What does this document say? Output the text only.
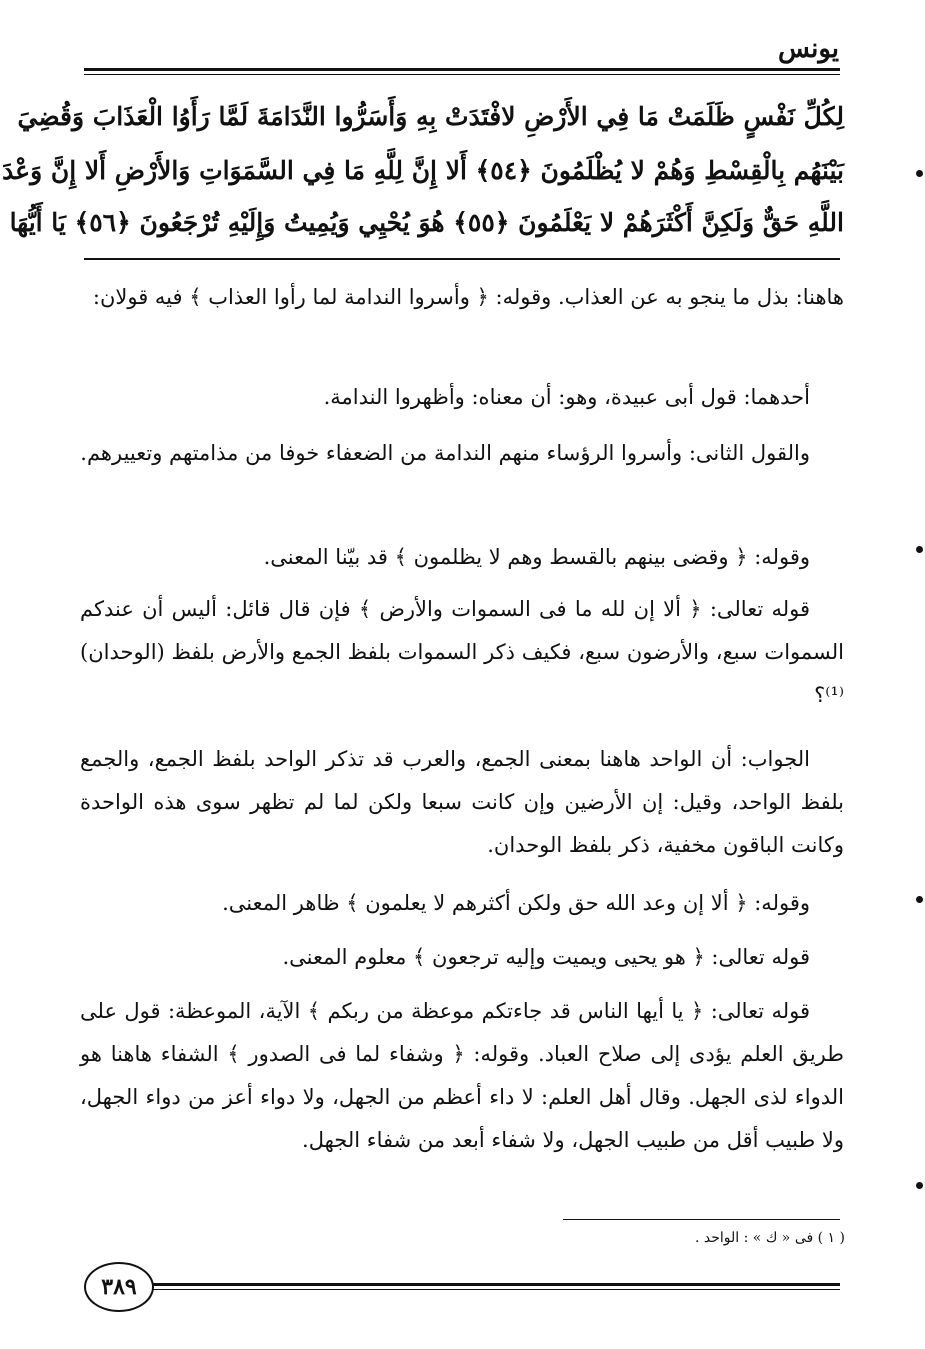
يونس
لِكُلِّ نَفْسٍ ظَلَمَتْ مَا فِي الأَرْضِ لافْتَدَتْ بِهِ وَأَسَرُّوا النَّدَامَةَ لَمَّا رَأَوُا الْعَذَابَ وَقُضِيَ
بَيْنَهُم بِالْقِسْطِ وَهُمْ لا يُظْلَمُونَ ﴿٥٤﴾ أَلا إِنَّ لِلَّهِ مَا فِي السَّمَوَاتِ وَالأَرْضِ أَلا إِنَّ وَعْدَ
اللَّهِ حَقٌّ وَلَكِنَّ أَكْثَرَهُمْ لا يَعْلَمُونَ ﴿٥٥﴾ هُوَ يُحْيِي وَيُمِيتُ وَإِلَيْهِ تُرْجَعُونَ ﴿٥٦﴾ يَا أَيُّهَا

هاهنا: بذل ما ينجو به عن العذاب. وقوله: ﴿ وأسروا الندامة لما رأوا العذاب ﴾ فيه قولان:

أحدهما: قول أبى عبيدة، وهو: أن معناه: وأظهروا الندامة.

والقول الثانى: وأسروا الرؤساء منهم الندامة من الضعفاء خوفا من مذامتهم وتعييرهم.

وقوله: ﴿ وقضى بينهم بالقسط وهم لا يظلمون ﴾ قد بيّنا المعنى.

قوله تعالى: ﴿ ألا إن لله ما فى السموات والأرض ﴾ فإن قال قائل: أليس أن عندكم السموات سبع، والأرضون سبع، فكيف ذكر السموات بلفظ الجمع والأرض بلفظ (الوحدان)⁽¹⁾؟

الجواب: أن الواحد هاهنا بمعنى الجمع، والعرب قد تذكر الواحد بلفظ الجمع، والجمع بلفظ الواحد، وقيل: إن الأرضين وإن كانت سبعا ولكن لما لم تظهر سوى هذه الواحدة وكانت الباقون مخفية، ذكر بلفظ الوحدان.

وقوله: ﴿ ألا إن وعد الله حق ولكن أكثرهم لا يعلمون ﴾ ظاهر المعنى.

قوله تعالى: ﴿ هو يحيى ويميت وإليه ترجعون ﴾ معلوم المعنى.

قوله تعالى: ﴿ يا أيها الناس قد جاءتكم موعظة من ربكم ﴾ الآية، الموعظة: قول على طريق العلم يؤدى إلى صلاح العباد. وقوله: ﴿ وشفاء لما فى الصدور ﴾ الشفاء هاهنا هو الدواء لذى الجهل. وقال أهل العلم: لا داء أعظم من الجهل، ولا دواء أعز من دواء الجهل، ولا طبيب أقل من طبيب الجهل، ولا شفاء أبعد من شفاء الجهل.

( ١ ) فى « ك » : الواحد .
٣٨٩
